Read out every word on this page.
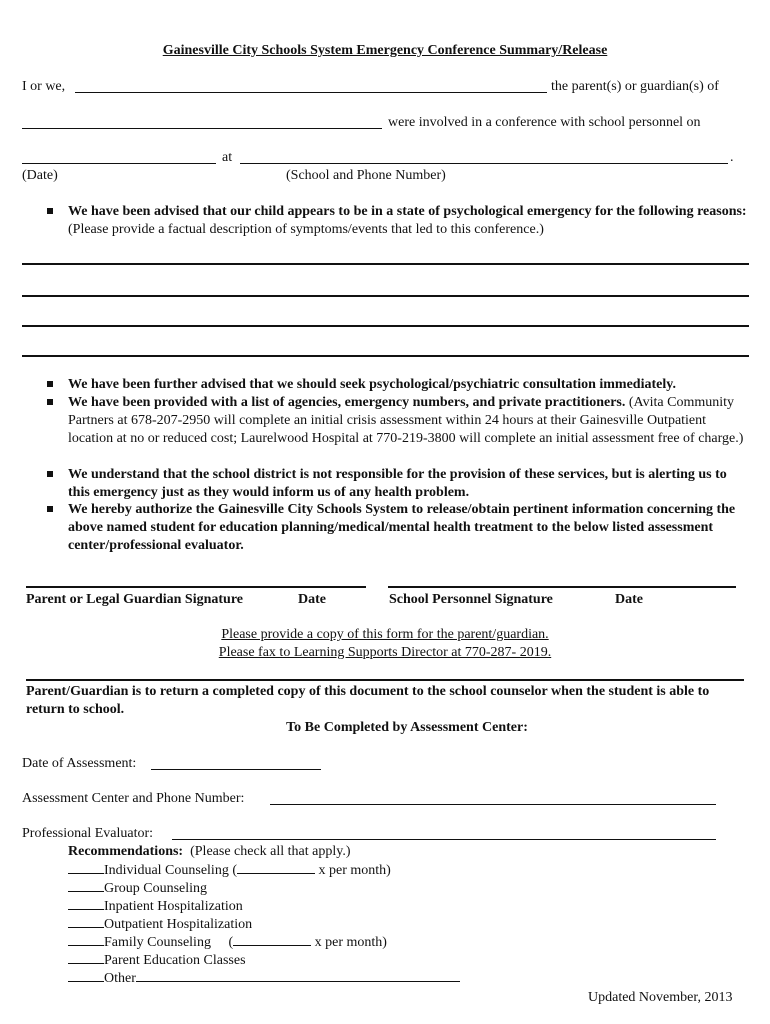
Gainesville City Schools System Emergency Conference Summary/Release
I or we,	the parent(s) or guardian(s) of
were involved in a conference with school personnel on
at	.
(Date)	(School and Phone Number)
We have been advised that our child appears to be in a state of psychological emergency for the following reasons: (Please provide a factual description of symptoms/events that led to this conference.)
We have been further advised that we should seek psychological/psychiatric consultation immediately.
We have been provided with a list of agencies, emergency numbers, and private practitioners. (Avita Community Partners at 678-207-2950 will complete an initial crisis assessment within 24 hours at their Gainesville Outpatient location at no or reduced cost; Laurelwood Hospital at 770-219-3800 will complete an initial assessment free of charge.)
We understand that the school district is not responsible for the provision of these services, but is alerting us to this emergency just as they would inform us of any health problem.
We hereby authorize the Gainesville City Schools System to release/obtain pertinent information concerning the above named student for education planning/medical/mental health treatment to the below listed assessment center/professional evaluator.
Parent or Legal Guardian Signature	Date	School Personnel Signature	Date
Please provide a copy of this form for the parent/guardian.
Please fax to Learning Supports Director at 770-287- 2019.
Parent/Guardian is to return a completed copy of this document to the school counselor when the student is able to return to school.
To Be Completed by Assessment Center:
Date of Assessment:
Assessment Center and Phone Number:
Professional Evaluator:
Recommendations: (Please check all that apply.)
Individual Counseling (	x per month)
Group Counseling
Inpatient Hospitalization
Outpatient Hospitalization
Family Counseling     (	x per month)
Parent Education Classes
Other
Updated November, 2013
